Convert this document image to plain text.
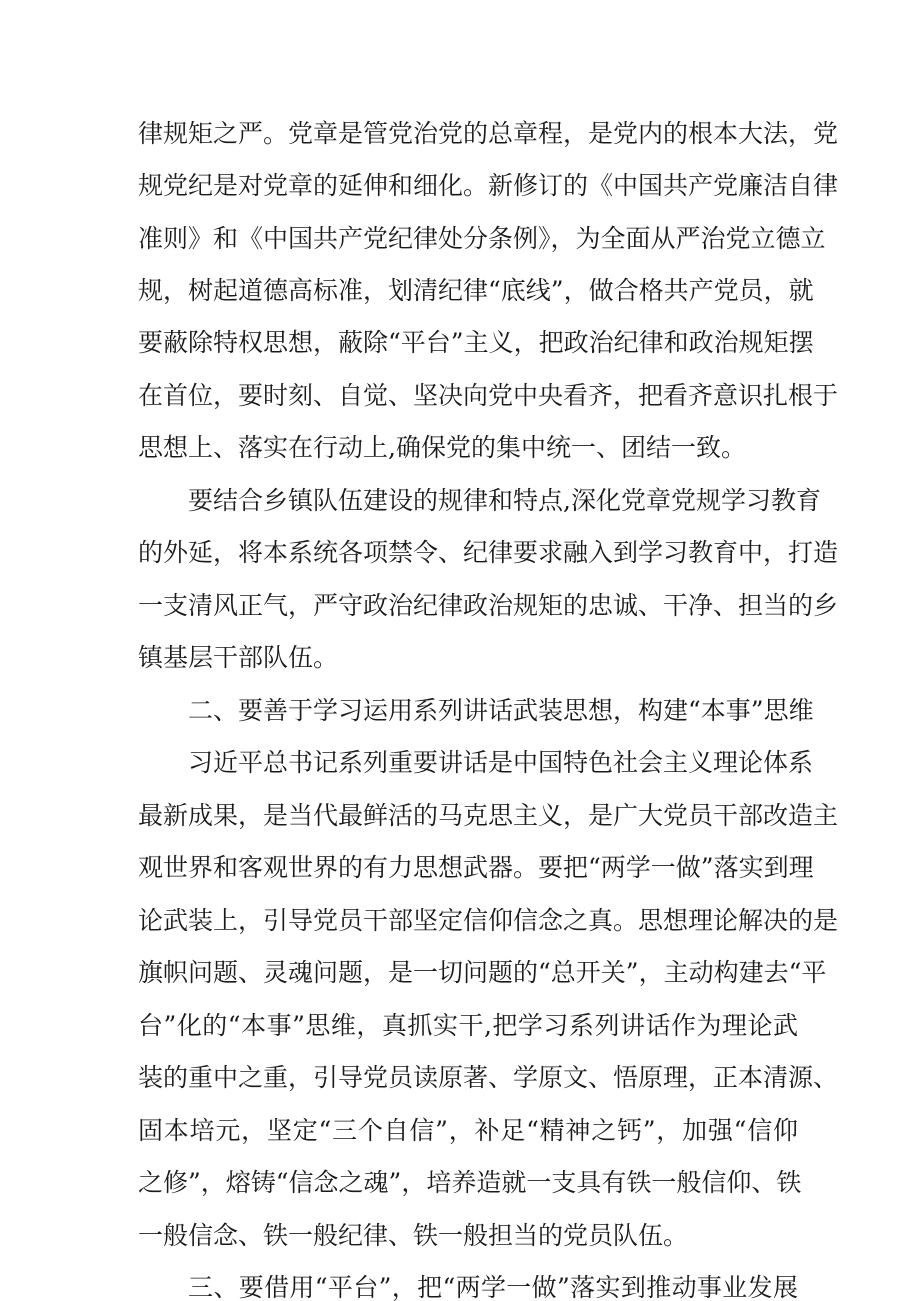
律规矩之严。党章是管党治党的总章程，是党内的根本大法，党
规党纪是对党章的延伸和细化。新修订的《中国共产党廉洁自律
准则》和《中国共产党纪律处分条例》，为全面从严治党立德立
规，树起道德高标准，划清纪律“底线”，做合格共产党员，就
要蔽除特权思想，蔽除“平台”主义，把政治纪律和政治规矩摆
在首位，要时刻、自觉、坚决向党中央看齐，把看齐意识扎根于
思想上、落实在行动上,确保党的集中统一、团结一致。
要结合乡镇队伍建设的规律和特点,深化党章党规学习教育
的外延，将本系统各项禁令、纪律要求融入到学习教育中，打造
一支清风正气，严守政治纪律政治规矩的忠诚、干净、担当的乡
镇基层干部队伍。
二、要善于学习运用系列讲话武装思想，构建“本事”思维
习近平总书记系列重要讲话是中国特色社会主义理论体系
最新成果，是当代最鲜活的马克思主义，是广大党员干部改造主
观世界和客观世界的有力思想武器。要把“两学一做”落实到理
论武装上，引导党员干部坚定信仰信念之真。思想理论解决的是
旗帜问题、灵魂问题，是一切问题的“总开关”，主动构建去“平
台”化的“本事”思维，真抓实干,把学习系列讲话作为理论武
装的重中之重，引导党员读原著、学原文、悟原理，正本清源、
固本培元，坚定“三个自信”，补足“精神之钙”，加强“信仰
之修”，熔铸“信念之魂”，培养造就一支具有铁一般信仰、铁
一般信念、铁一般纪律、铁一般担当的党员队伍。
三、要借用“平台”，把“两学一做”落实到推动事业发展
